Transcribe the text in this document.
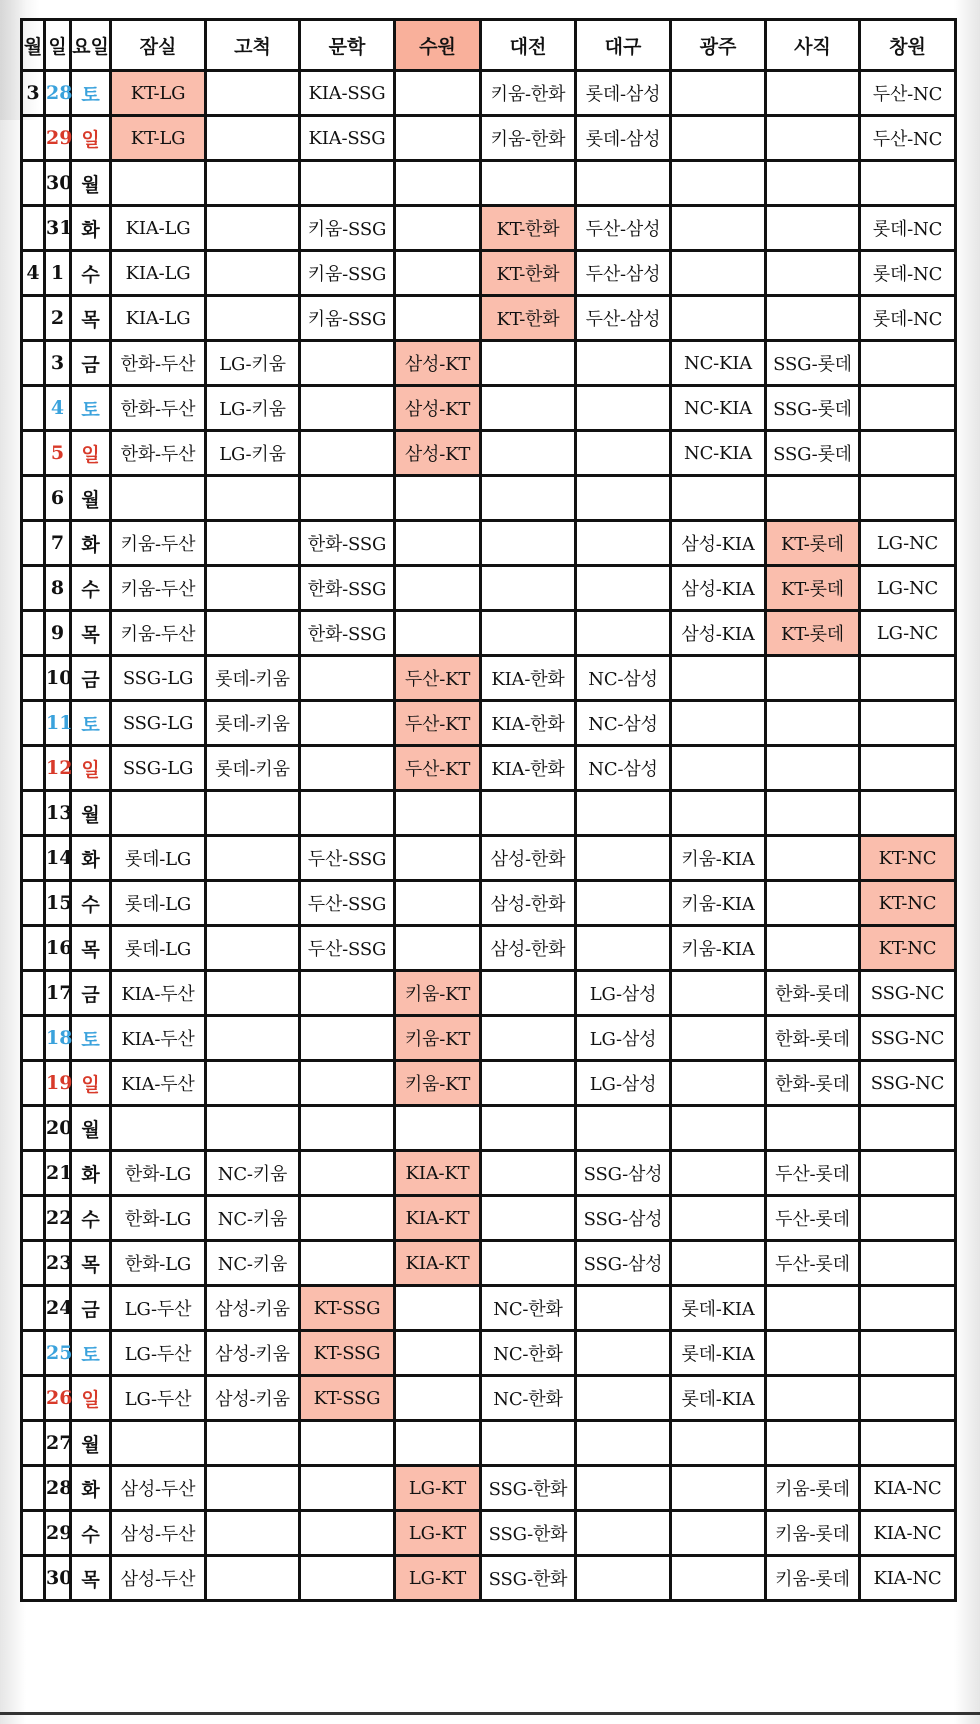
월	일	요일	잠실	고척	문학	수원	대전	대구	광주	사직	창원
3	28	토	KT-LG		KIA-SSG		키움-한화	롯데-삼성			두산-NC
	29	일	KT-LG		KIA-SSG		키움-한화	롯데-삼성			두산-NC
	30	월									
	31	화	KIA-LG		키움-SSG		KT-한화	두산-삼성			롯데-NC
4	1	수	KIA-LG		키움-SSG		KT-한화	두산-삼성			롯데-NC
	2	목	KIA-LG		키움-SSG		KT-한화	두산-삼성			롯데-NC
	3	금	한화-두산	LG-키움		삼성-KT			NC-KIA	SSG-롯데	
	4	토	한화-두산	LG-키움		삼성-KT			NC-KIA	SSG-롯데	
	5	일	한화-두산	LG-키움		삼성-KT			NC-KIA	SSG-롯데	
	6	월									
	7	화	키움-두산		한화-SSG				삼성-KIA	KT-롯데	LG-NC
	8	수	키움-두산		한화-SSG				삼성-KIA	KT-롯데	LG-NC
	9	목	키움-두산		한화-SSG				삼성-KIA	KT-롯데	LG-NC
	10	금	SSG-LG	롯데-키움		두산-KT	KIA-한화	NC-삼성			
	11	토	SSG-LG	롯데-키움		두산-KT	KIA-한화	NC-삼성			
	12	일	SSG-LG	롯데-키움		두산-KT	KIA-한화	NC-삼성			
	13	월									
	14	화	롯데-LG		두산-SSG		삼성-한화		키움-KIA		KT-NC
	15	수	롯데-LG		두산-SSG		삼성-한화		키움-KIA		KT-NC
	16	목	롯데-LG		두산-SSG		삼성-한화		키움-KIA		KT-NC
	17	금	KIA-두산			키움-KT		LG-삼성		한화-롯데	SSG-NC
	18	토	KIA-두산			키움-KT		LG-삼성		한화-롯데	SSG-NC
	19	일	KIA-두산			키움-KT		LG-삼성		한화-롯데	SSG-NC
	20	월									
	21	화	한화-LG	NC-키움		KIA-KT		SSG-삼성		두산-롯데	
	22	수	한화-LG	NC-키움		KIA-KT		SSG-삼성		두산-롯데	
	23	목	한화-LG	NC-키움		KIA-KT		SSG-삼성		두산-롯데	
	24	금	LG-두산	삼성-키움	KT-SSG		NC-한화		롯데-KIA		
	25	토	LG-두산	삼성-키움	KT-SSG		NC-한화		롯데-KIA		
	26	일	LG-두산	삼성-키움	KT-SSG		NC-한화		롯데-KIA		
	27	월									
	28	화	삼성-두산			LG-KT	SSG-한화			키움-롯데	KIA-NC
	29	수	삼성-두산			LG-KT	SSG-한화			키움-롯데	KIA-NC
	30	목	삼성-두산			LG-KT	SSG-한화			키움-롯데	KIA-NC
